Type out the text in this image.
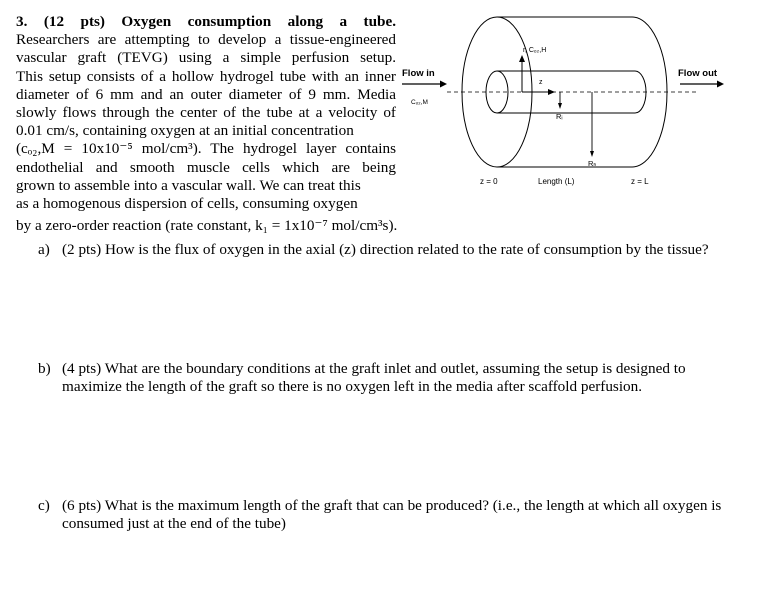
3. (12 pts) Oxygen consumption along a tube.
Researchers are attempting to develop a tissue-engineered
vascular graft (TEVG) using a simple perfusion setup.
This setup consists of a hollow hydrogel tube with an inner
diameter of 6 mm and an outer diameter of 9 mm. Media
slowly flows through the center of the tube at a velocity of
0.01 cm/s, containing oxygen at an initial concentration
(cₒ₂,M = 10x10⁻⁵ mol/cm³). The hydrogel layer contains
endothelial and smooth muscle cells which are being
grown to assemble into a vascular wall. We can treat this
as a homogenous dispersion of cells, consuming oxygen
by a zero-order reaction (rate constant, k₁ = 1x10⁻⁷ mol/cm³s).
Flow in	Flow out
Cₒ₂,M
r, Cₒ₂,H
z
Rᵢ
Rₕ
z = 0	Length (L)	z = L
a) (2 pts) How is the flux of oxygen in the axial (z) direction related to the rate of consumption by the tissue?
b) (4 pts) What are the boundary conditions at the graft inlet and outlet, assuming the setup is designed to maximize the length of the graft so there is no oxygen left in the media after scaffold perfusion.
c) (6 pts) What is the maximum length of the graft that can be produced? (i.e., the length at which all oxygen is consumed just at the end of the tube)
